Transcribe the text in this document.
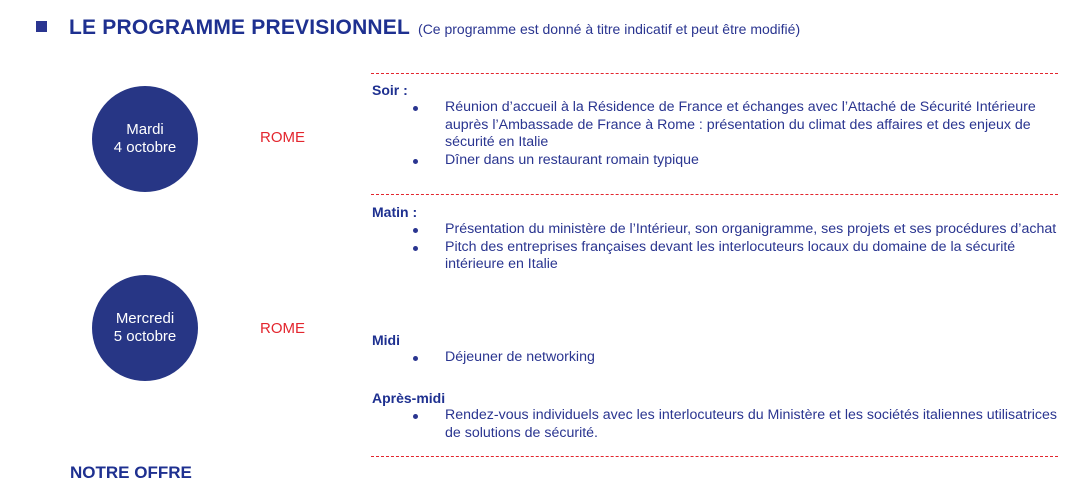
LE PROGRAMME PREVISIONNEL (Ce programme est donné à titre indicatif et peut être modifié)
Mardi
4 octobre
ROME
Soir :
Réunion d’accueil à la Résidence de France et échanges avec l’Attaché de Sécurité Intérieure auprès l’Ambassade de France à Rome : présentation du climat des affaires et des enjeux de sécurité en Italie
Dîner dans un restaurant romain typique
Mercredi
5 octobre	ROME
Matin :
Présentation du ministère de l’Intérieur, son organigramme, ses projets et ses procédures d’achat
Pitch des entreprises françaises devant les interlocuteurs locaux du domaine de la sécurité intérieure en Italie
Midi
Déjeuner de networking
Après-midi
Rendez-vous individuels avec les interlocuteurs du Ministère et les sociétés italiennes utilisatrices de solutions de sécurité.
NOTRE OFFRE
